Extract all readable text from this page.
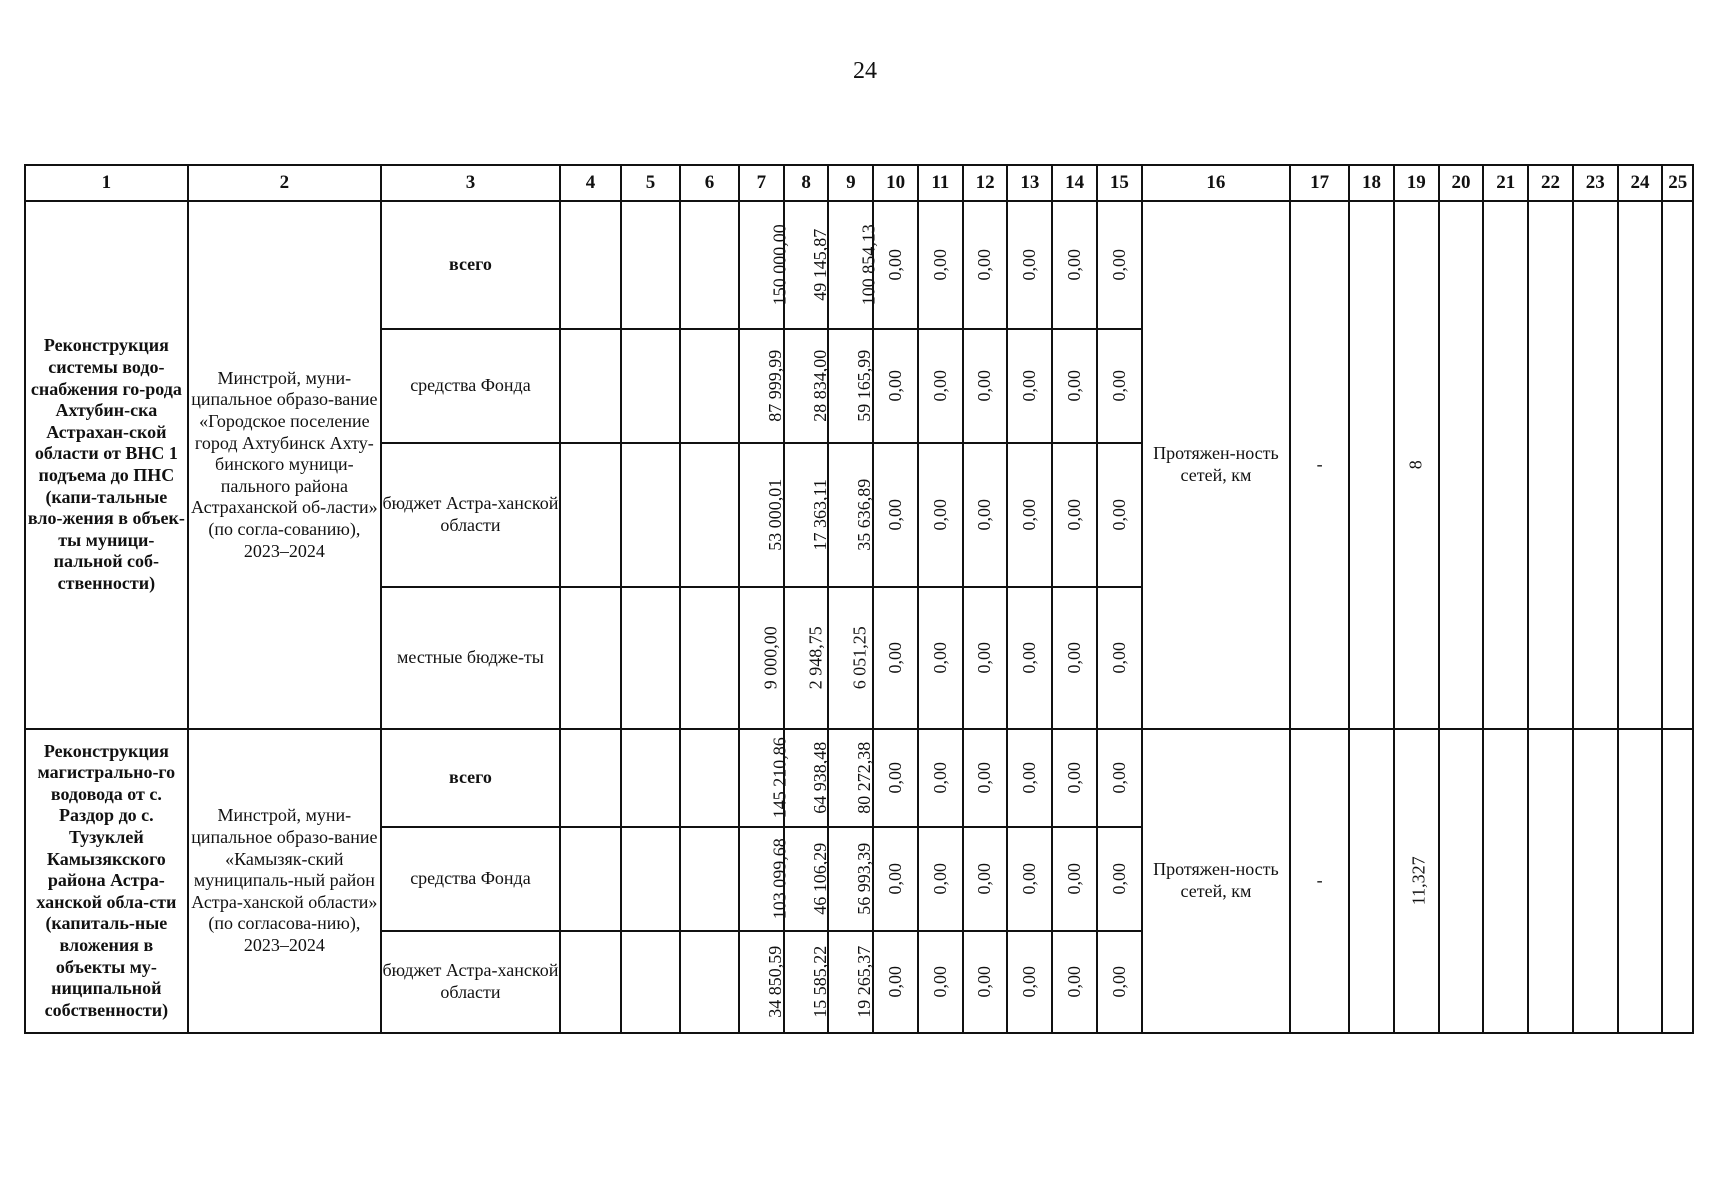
24
1	2	3	4	5	6	7	8	9	10	11	12	13	14	15	16	17	18	19	20	21	22	23	24	25
Реконструкция системы водо-снабжения го-рода Ахтубин-ска Астрахан-ской области от ВНС 1 подъема до ПНС (капи-тальные вло-жения в объек-ты муници-пальной соб-ственности)	Минстрой, муни-ципальное образо-вание «Городское поселение город Ахтубинск Ахту-бинского муници-пального района Астраханской об-ласти» (по согла-сованию), 2023–2024	всего				150 000,00	49 145,87	100 854,13	0,00	0,00	0,00	0,00	0,00	0,00	Протяжен-ность сетей, км	-		8						
		средства Фонда				87 999,99	28 834,00	59 165,99	0,00	0,00	0,00	0,00	0,00	0,00										
		бюджет Астра-ханской области				53 000,01	17 363,11	35 636,89	0,00	0,00	0,00	0,00	0,00	0,00										
		местные бюдже-ты				9 000,00	2 948,75	6 051,25	0,00	0,00	0,00	0,00	0,00	0,00										
Реконструкция магистрально-го водовода от с. Раздор до с. Тузуклей Камызякского района Астра-ханской обла-сти (капиталь-ные вложения в объекты му-ниципальной собственности)	Минстрой, муни-ципальное образо-вание «Камызяк-ский муниципаль-ный район Астра-ханской области» (по согласова-нию), 2023–2024	всего				145 210,86	64 938,48	80 272,38	0,00	0,00	0,00	0,00	0,00	0,00	Протяжен-ность сетей, км	-		11,327						
		средства Фонда				103 099,68	46 106,29	56 993,39	0,00	0,00	0,00	0,00	0,00	0,00										
		бюджет Астра-ханской области				34 850,59	15 585,22	19 265,37	0,00	0,00	0,00	0,00	0,00	0,00										
